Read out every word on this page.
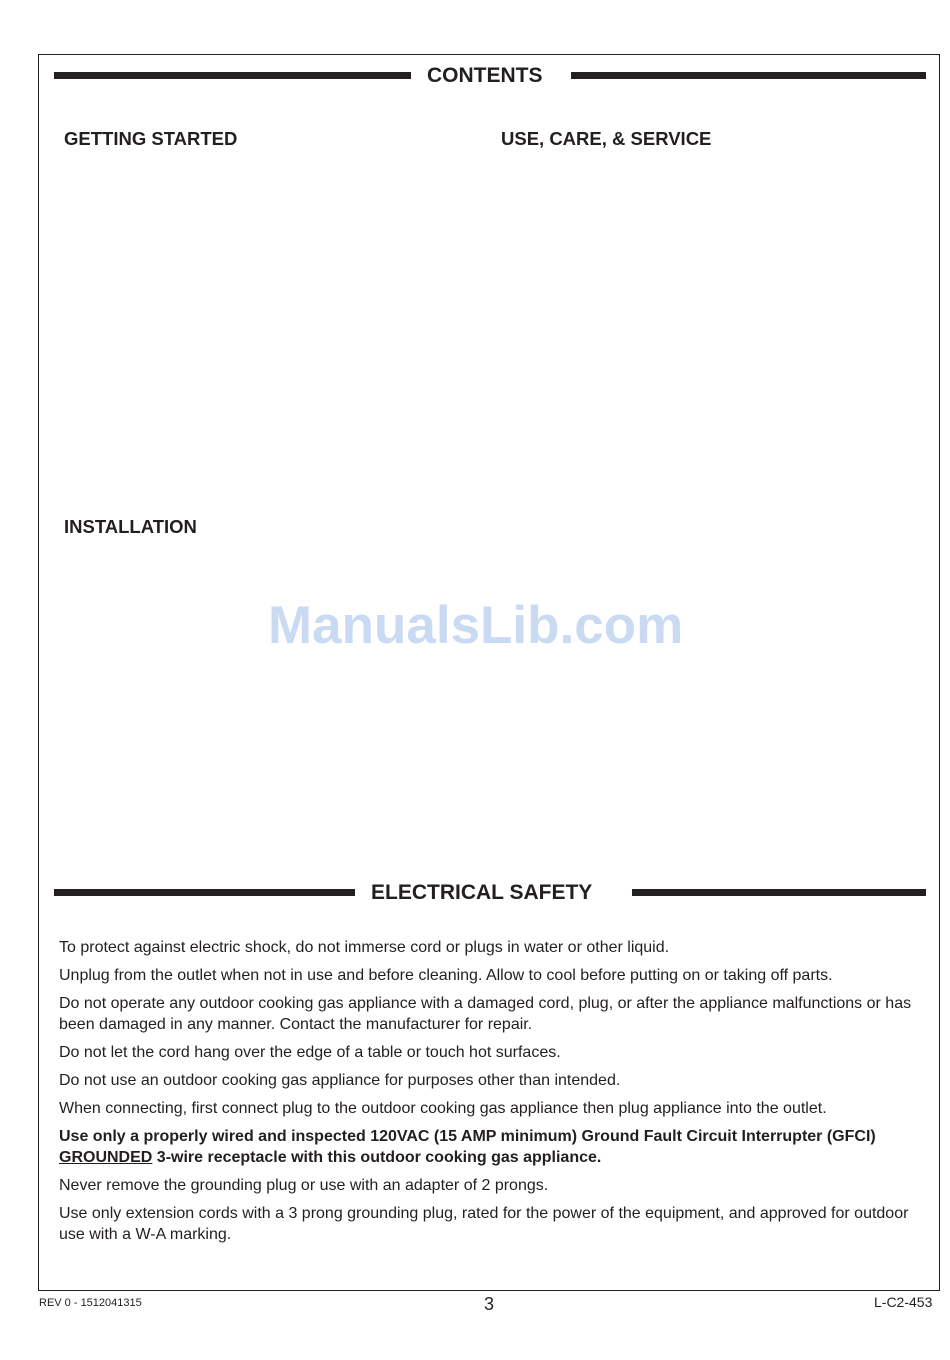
CONTENTS
GETTING STARTED	USE, CARE, & SERVICE
INSTALLATION
ManualsLib.com
ELECTRICAL SAFETY

To protect against electric shock, do not immerse cord or plugs in water or other liquid.

Unplug from the outlet when not in use and before cleaning. Allow to cool before putting on or taking off parts.

Do not operate any outdoor cooking gas appliance with a damaged cord, plug, or after the appliance malfunctions or has been damaged in any manner. Contact the manufacturer for repair.

Do not let the cord hang over the edge of a table or touch hot surfaces.

Do not use an outdoor cooking gas appliance for purposes other than intended.

When connecting, first connect plug to the outdoor cooking gas appliance then plug appliance into the outlet.

Use only a properly wired and inspected 120VAC (15 AMP minimum) Ground Fault Circuit Interrupter (GFCI)
GROUNDED 3-wire receptacle with this outdoor cooking gas appliance.

Never remove the grounding plug or use with an adapter of 2 prongs.

Use only extension cords with a 3 prong grounding plug, rated for the power of the equipment, and approved for outdoor use with a W-A marking.

REV 0 - 1512041315	3	L-C2-453
